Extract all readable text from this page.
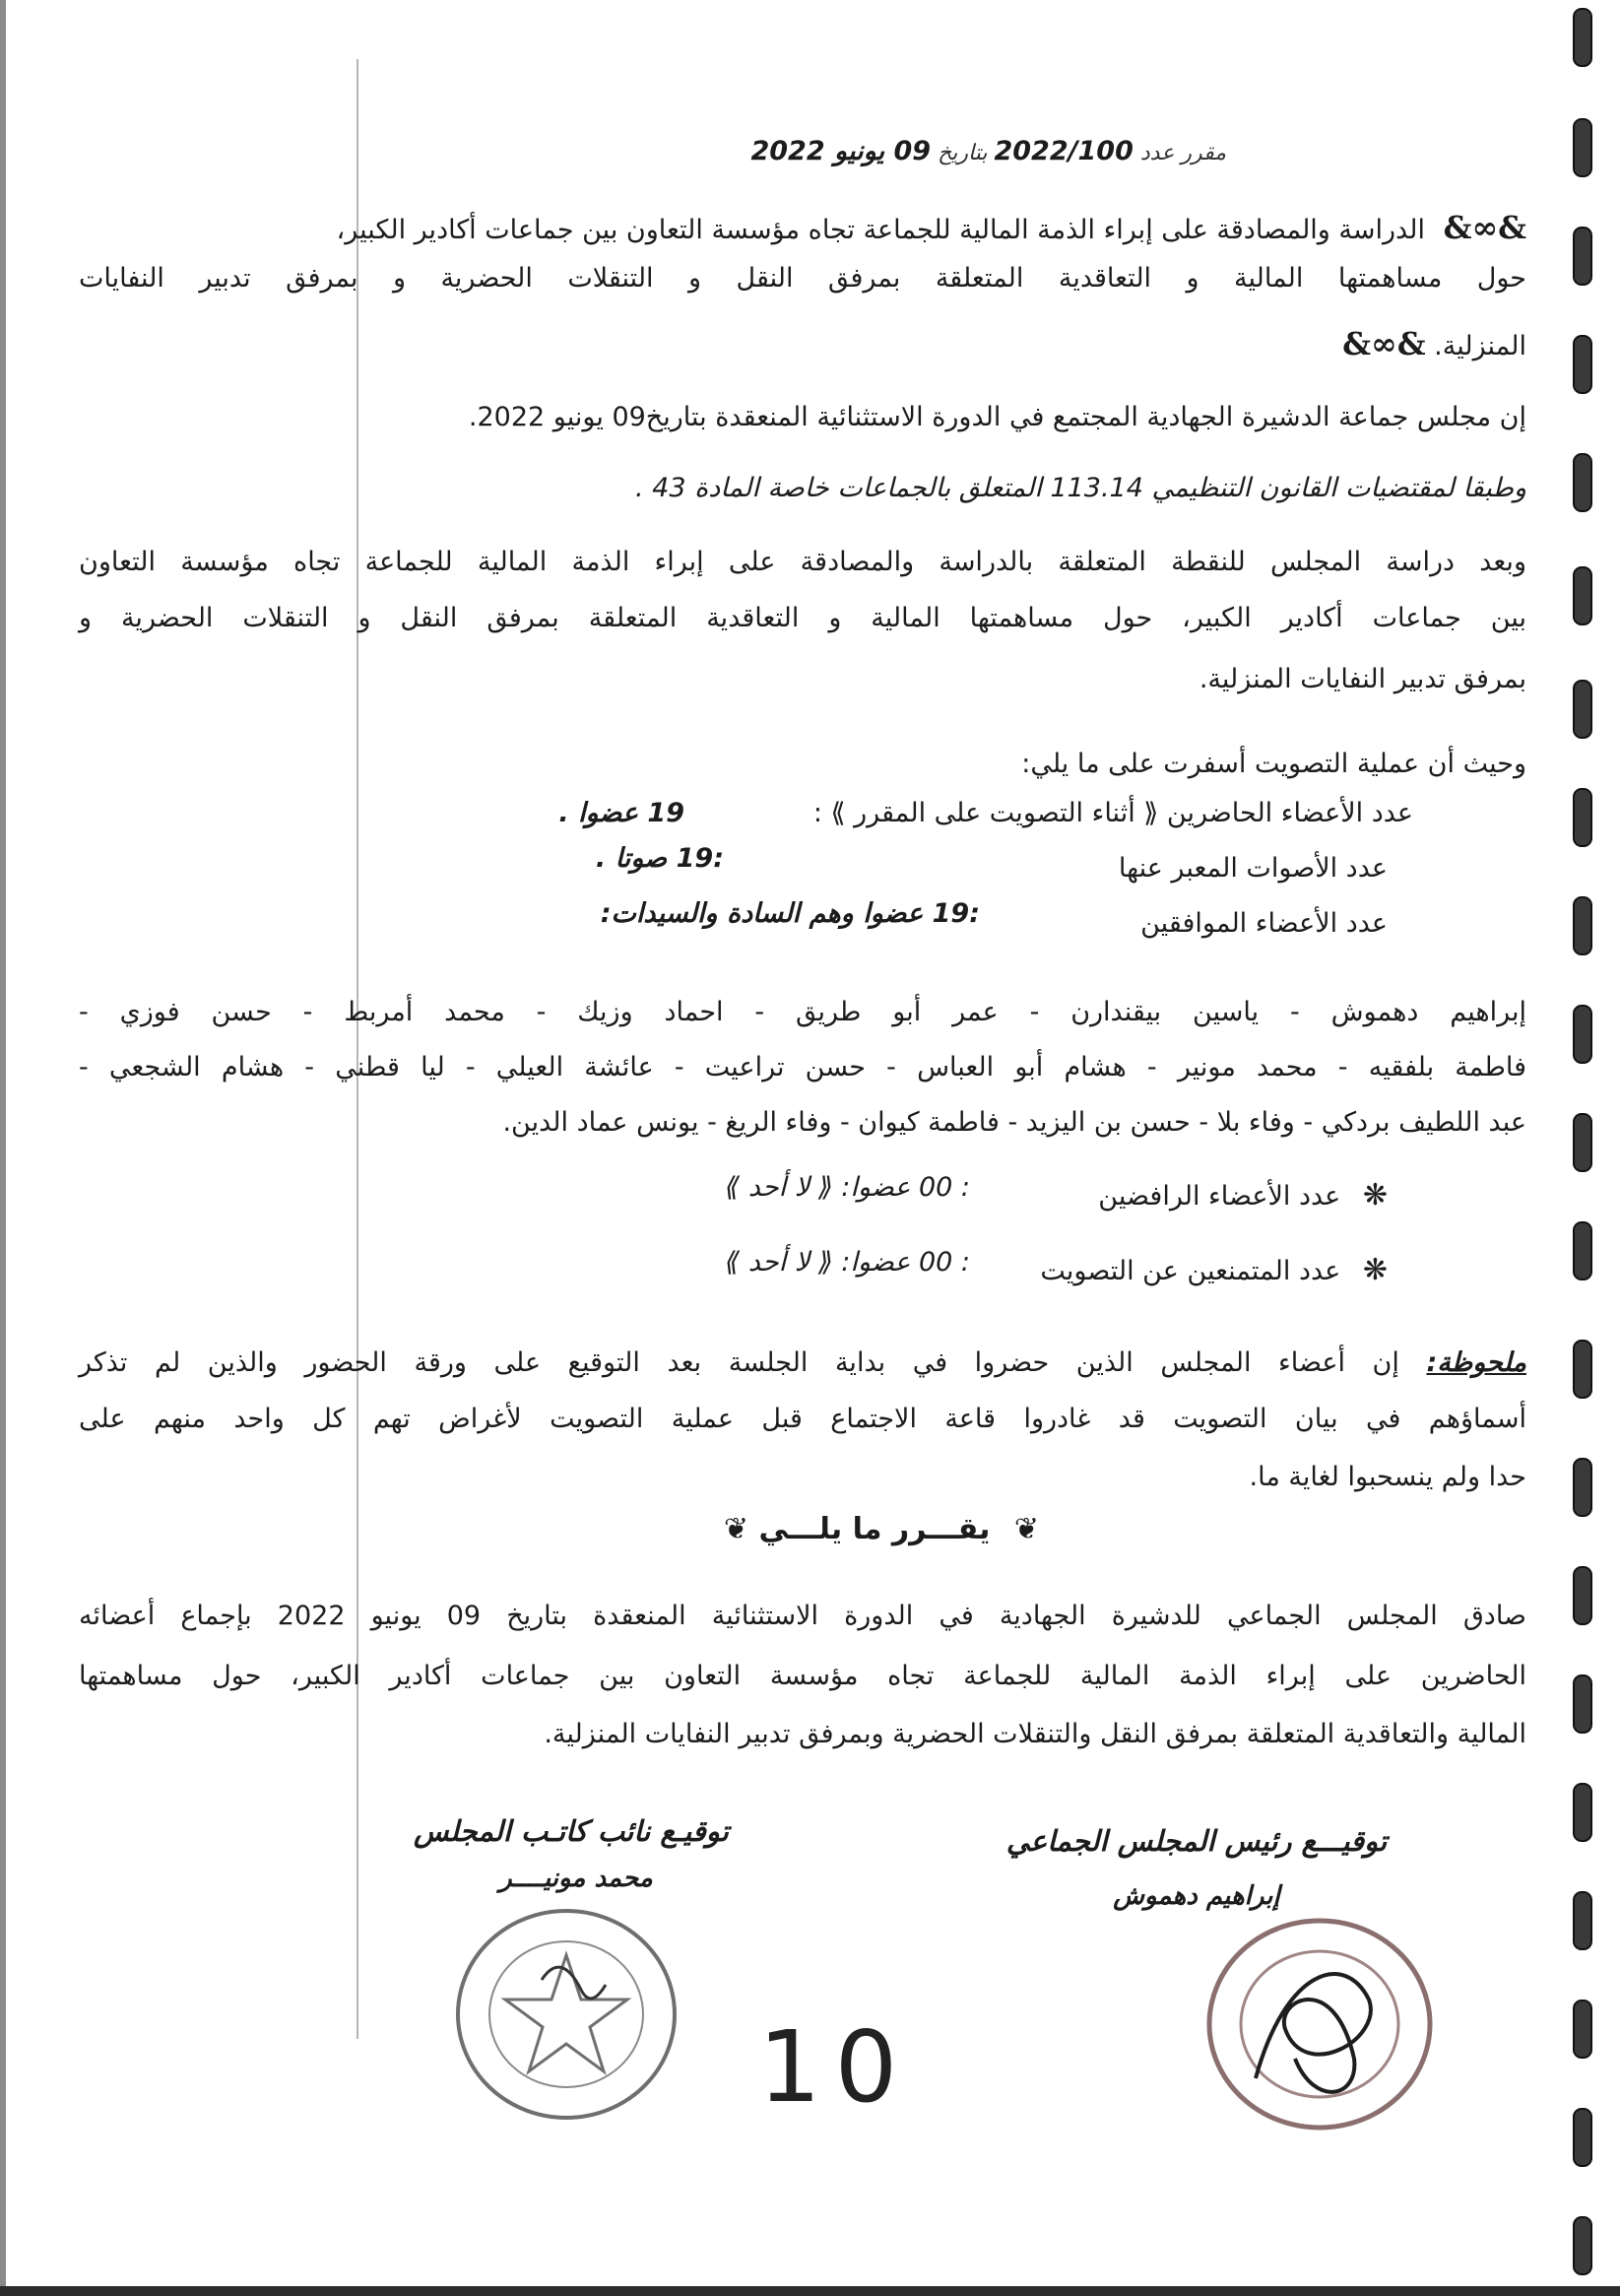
مقرر عدد 2022/100 بتاريخ 09 يونيو 2022
&∞& الدراسة والمصادقة على إبراء الذمة المالية للجماعة تجاه مؤسسة التعاون بين جماعات أكادير الكبير،
حول مساهمتها المالية و التعاقدية المتعلقة بمرفق النقل و التنقلات الحضرية و بمرفق تدبير النفايات
المنزلية. &∞&
إن مجلس جماعة الدشيرة الجهادية المجتمع في الدورة الاستثنائية المنعقدة بتاريخ09 يونيو 2022.
وطبقا لمقتضيات القانون التنظيمي 113.14 المتعلق بالجماعات خاصة المادة 43 .
وبعد دراسة المجلس للنقطة المتعلقة بالدراسة والمصادقة على إبراء الذمة المالية للجماعة تجاه مؤسسة التعاون
بين جماعات أكادير الكبير، حول مساهمتها المالية و التعاقدية المتعلقة بمرفق النقل و التنقلات الحضرية و
بمرفق تدبير النفايات المنزلية.
وحيث أن عملية التصويت أسفرت على ما يلي:
عدد الأعضاء الحاضرين ⟪ أثناء التصويت على المقرر ⟫ :
19 عضوا .
عدد الأصوات المعبر عنها
:19 صوتا .
عدد الأعضاء الموافقين
:19 عضوا وهم السادة والسيدات:
إبراهيم دهموش - ياسين بيقندارن - عمر أبو طريق - احماد وزيك - محمد أمربط - حسن فوزي -
فاطمة بلفقيه - محمد مونير - هشام أبو العباس - حسن تراعيت - عائشة العيلي - ليا قطني - هشام الشجعي -
عبد اللطيف بردكي - وفاء بلا - حسن بن اليزيد - فاطمة كيوان - وفاء الريغ - يونس عماد الدين.
❋ عدد الأعضاء الرافضين
: 00 عضوا: ⟪ لا أحد ⟫
❋ عدد المتمنعين عن التصويت
: 00 عضوا: ⟪ لا أحد ⟫
ملحوظة: إن أعضاء المجلس الذين حضروا في بداية الجلسة بعد التوقيع على ورقة الحضور والذين لم تذكر
أسماؤهم في بيان التصويت قد غادروا قاعة الاجتماع قبل عملية التصويت لأغراض تهم كل واحد منهم على
حدا ولم ينسحبوا لغاية ما.
❦ يقـــرر ما يلـــي ❦
صادق المجلس الجماعي للدشيرة الجهادية في الدورة الاستثنائية المنعقدة بتاريخ 09 يونيو 2022 بإجماع أعضائه
الحاضرين على إبراء الذمة المالية للجماعة تجاه مؤسسة التعاون بين جماعات أكادير الكبير، حول مساهمتها
المالية والتعاقدية المتعلقة بمرفق النقل والتنقلات الحضرية وبمرفق تدبير النفايات المنزلية.
توقيـــع رئيس المجلس الجماعي
إبراهيم دهموش
توقيـع نائب كاتـب المجلس
محمد مونيــــر
10
